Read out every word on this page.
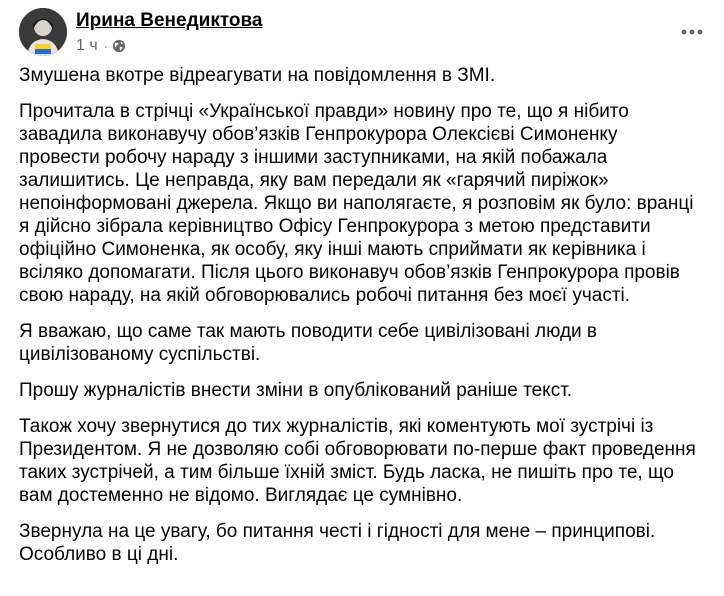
Ирина Венедиктова
1 ч ·

Змушена вкотре відреагувати на повідомлення в ЗМІ.

Прочитала в стрічці «Української правди» новину про те, що я нібито завадила виконавучу обов’язків Генпрокурора Олексієві Симоненку провести робочу нараду з іншими заступниками, на якій побажала залишитись. Це неправда, яку вам передали як «гарячий пиріжок» непоінформовані джерела. Якщо ви наполягаєте, я розповім як було: вранці я дійсно зібрала керівництво Офісу Генпрокурора з метою представити офіційно Симоненка, як особу, яку інші мають сприймати як керівника і всіляко допомагати. Після цього виконавуч обов’язків Генпрокурора провів свою нараду, на якій обговорювались робочі питання без моєї участі.

Я вважаю, що саме так мають поводити себе цивілізовані люди в цивілізованому суспільстві.

Прошу журналістів внести зміни в опублікований раніше текст.

Також хочу звернутися до тих журналістів, які коментують мої зустрічі із Президентом. Я не дозволяю собі обговорювати по-перше факт проведення таких зустрічей, а тим більше їхній зміст. Будь ласка, не пишіть про те, що вам достеменно не відомо. Виглядає це сумнівно.

Звернула на це увагу, бо питання честі і гідності для мене – принципові. Особливо в ці дні.
